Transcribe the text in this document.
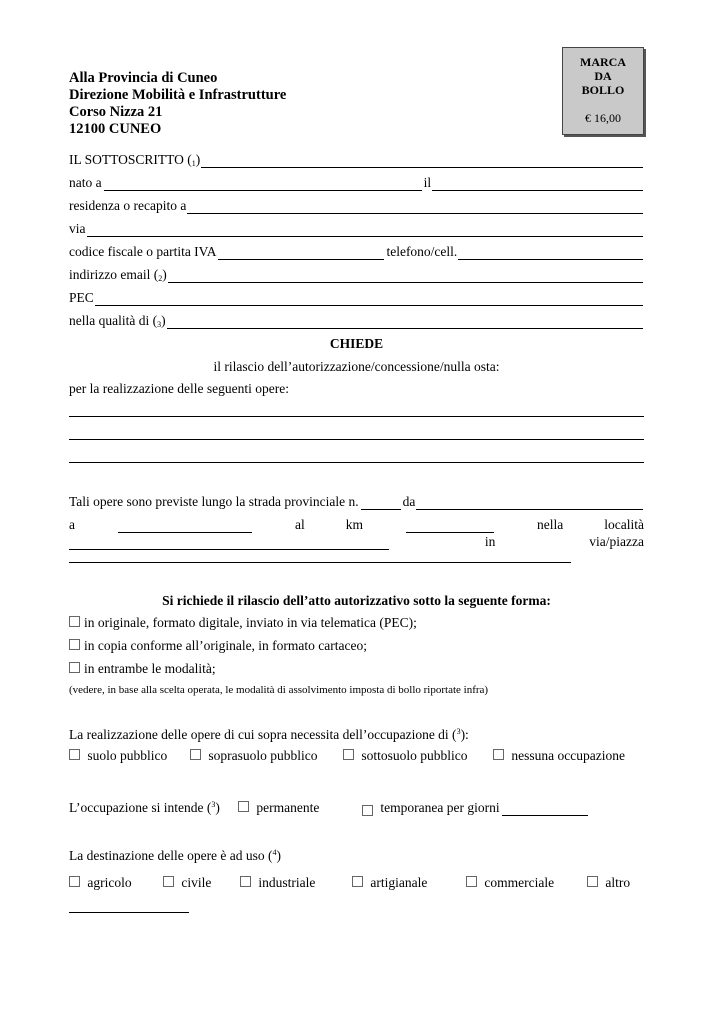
MARCA
DA
BOLLO
€ 16,00
Alla Provincia di Cuneo
Direzione Mobilità e Infrastrutture
Corso Nizza 21
12100 CUNEO
IL SOTTOSCRITTO ($_1$ )
nato a	il
residenza o recapito a
via
codice fiscale o partita IVA	telefono/cell.
indirizzo email ($_2$ )
PEC
nella qualità di ($_3$ )
CHIEDE
il rilascio dell’autorizzazione/concessione/nulla osta:
per la realizzazione delle seguenti opere:
Tali opere sono previste lungo la strada provinciale n.	da
a	al	km	nella	località
in	via/piazza
Si richiede il rilascio dell’atto autorizzativo sotto la seguente forma:
in originale, formato digitale, inviato in via telematica (PEC);
in copia conforme all’originale, in formato cartaceo;
in entrambe le modalità;
(vedere, in base alla scelta operata, le modalità di assolvimento imposta di bollo riportate infra)
La realizzazione delle opere di cui sopra necessita dell’occupazione di ($^3$):
suolo pubblico	soprasuolo pubblico	sottosuolo pubblico	nessuna occupazione
L’occupazione si intende ($^3$)	permanente
	temporanea per giorni
La destinazione delle opere è ad uso ($^4$)
agricolo	civile	industriale	artigianale	commerciale	altro
